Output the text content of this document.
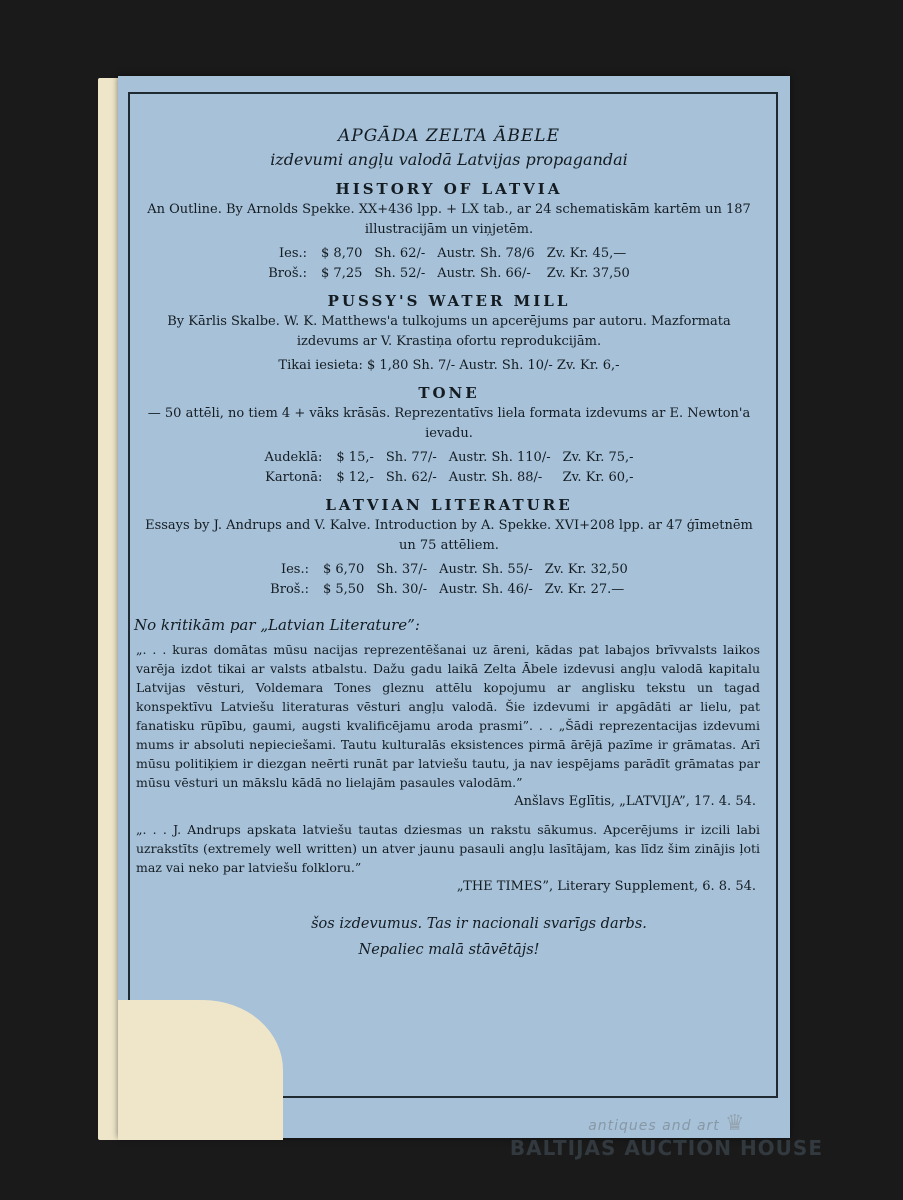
APGĀDA ZELTA ĀBELE
izdevumi angļu valodā Latvijas propagandai
HISTORY OF LATVIA
An Outline. By Arnolds Spekke. XX+436 lpp. + LX tab., ar 24 schematiskām kartēm un 187 illustracijām un viņjetēm.
Ies.:	$ 8,70	Sh. 62/-	Austr. Sh. 78/6	Zv. Kr. 45,—
Broš.:	$ 7,25	Sh. 52/-	Austr. Sh. 66/-	Zv. Kr. 37,50
PUSSY'S WATER MILL
By Kārlis Skalbe. W. K. Matthews'a tulkojums un apcerējums par autoru. Mazformata izdevums ar V. Krastiņa ofortu reprodukcijām.
Tikai iesieta: $ 1,80 Sh. 7/- Austr. Sh. 10/- Zv. Kr. 6,-
TONE
— 50 attēli, no tiem 4 + vāks krāsās. Reprezentatīvs liela formata izdevums ar E. Newton'a ievadu.
Audeklā:	$ 15,-	Sh. 77/-	Austr. Sh. 110/-	Zv. Kr. 75,-
Kartonā:	$ 12,-	Sh. 62/-	Austr. Sh. 88/-	Zv. Kr. 60,-
LATVIAN LITERATURE
Essays by J. Andrups and V. Kalve. Introduction by A. Spekke. XVI+208 lpp. ar 47 ģīmetnēm un 75 attēliem.
Ies.:	$ 6,70	Sh. 37/-	Austr. Sh. 55/-	Zv. Kr. 32,50
Broš.:	$ 5,50	Sh. 30/-	Austr. Sh. 46/-	Zv. Kr. 27.—
No kritikām par „Latvian Literature”:
„. . . kuras domātas mūsu nacijas reprezentēšanai uz āreni, kādas pat labajos brīvvalsts laikos varēja izdot tikai ar valsts atbalstu. Dažu gadu laikā Zelta Ābele izdevusi angļu valodā kapitalu Latvijas vēsturi, Voldemara Tones gleznu attēlu kopojumu ar anglisku tekstu un tagad konspektīvu Latviešu literaturas vēsturi angļu valodā. Šie izdevumi ir apgādāti ar lielu, pat fanatisku rūpību, gaumi, augsti kvalificējamu aroda prasmi”. . . „Šādi reprezentacijas izdevumi mums ir absoluti nepieciešami. Tautu kulturalās eksistences pirmā ārējā pazīme ir grāmatas. Arī mūsu politiķiem ir diezgan neērti runāt par latviešu tautu, ja nav iespējams parādīt grāmatas par mūsu vēsturi un mākslu kādā no lielajām pasaules valodām.”
Anšlavs Eglītis, „LATVIJA”, 17. 4. 54.
„. . . J. Andrups apskata latviešu tautas dziesmas un rakstu sākumus. Apcerējums ir izcili labi uzrakstīts (extremely well written) un atver jaunu pasauli angļu lasītājam, kas līdz šim zinājis ļoti maz vai neko par latviešu folkloru.”
„THE TIMES”, Literary Supplement, 6. 8. 54.
šos izdevumus. Tas ir nacionali svarīgs darbs.
Nepaliec malā stāvētājs!
antiques and art ♛
BALTIJAS AUCTION HOUSE
